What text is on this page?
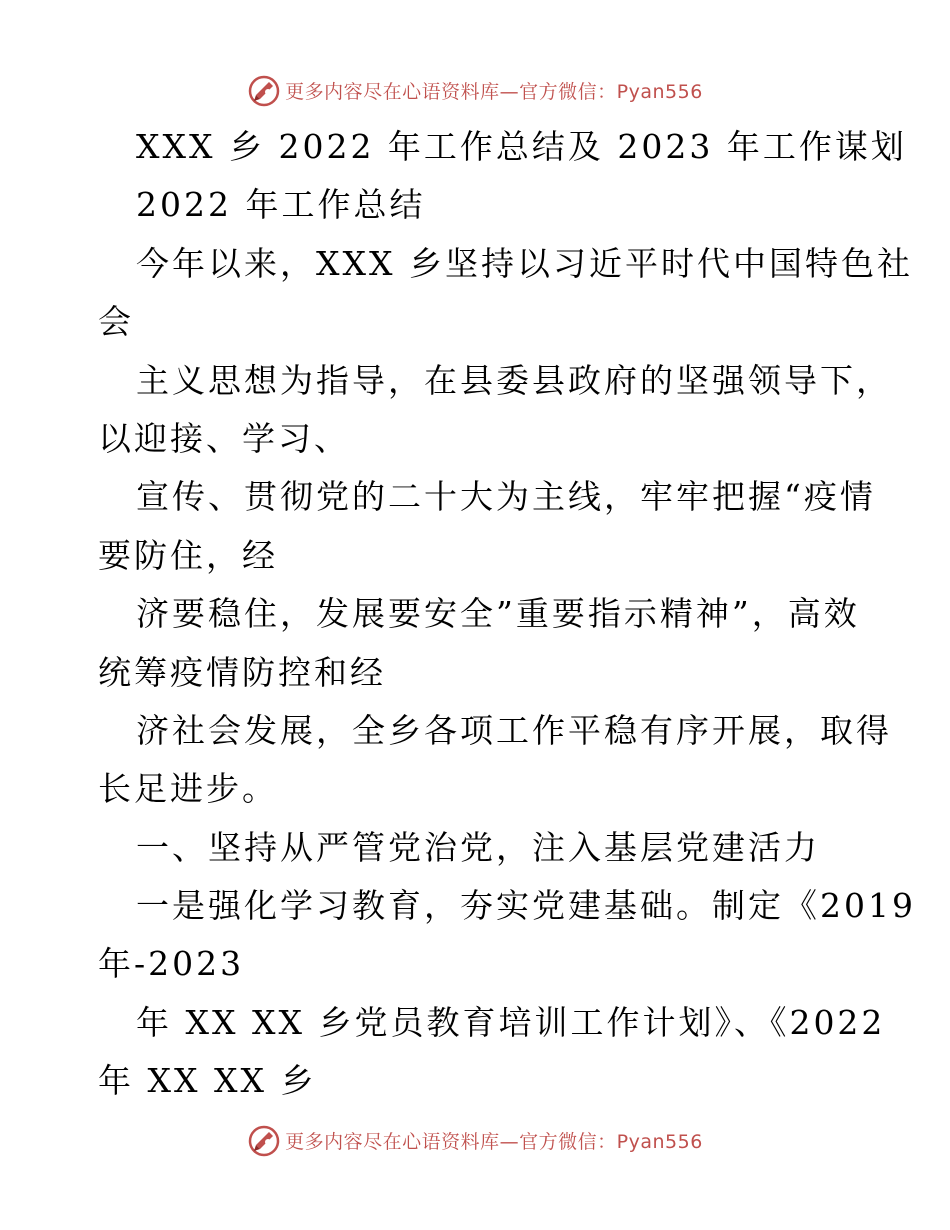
更多内容尽在心语资料库—官方微信：Pyan556
XXX 乡 2022 年工作总结及 2023 年工作谋划
2022 年工作总结
今年以来，XXX 乡坚持以习近平时代中国特色社
会
主义思想为指导，在县委县政府的坚强领导下，
以迎接、学习、
宣传、贯彻党的二十大为主线，牢牢把握“疫情
要防住，经
济要稳住，发展要安全”重要指示精神”，高效
统筹疫情防控和经
济社会发展，全乡各项工作平稳有序开展，取得
长足进步。
一、坚持从严管党治党，注入基层党建活力
一是强化学习教育，夯实党建基础。制定《2019
年-2023
年 XX XX 乡党员教育培训工作计划》、《2022
年 XX XX 乡
更多内容尽在心语资料库—官方微信：Pyan556
